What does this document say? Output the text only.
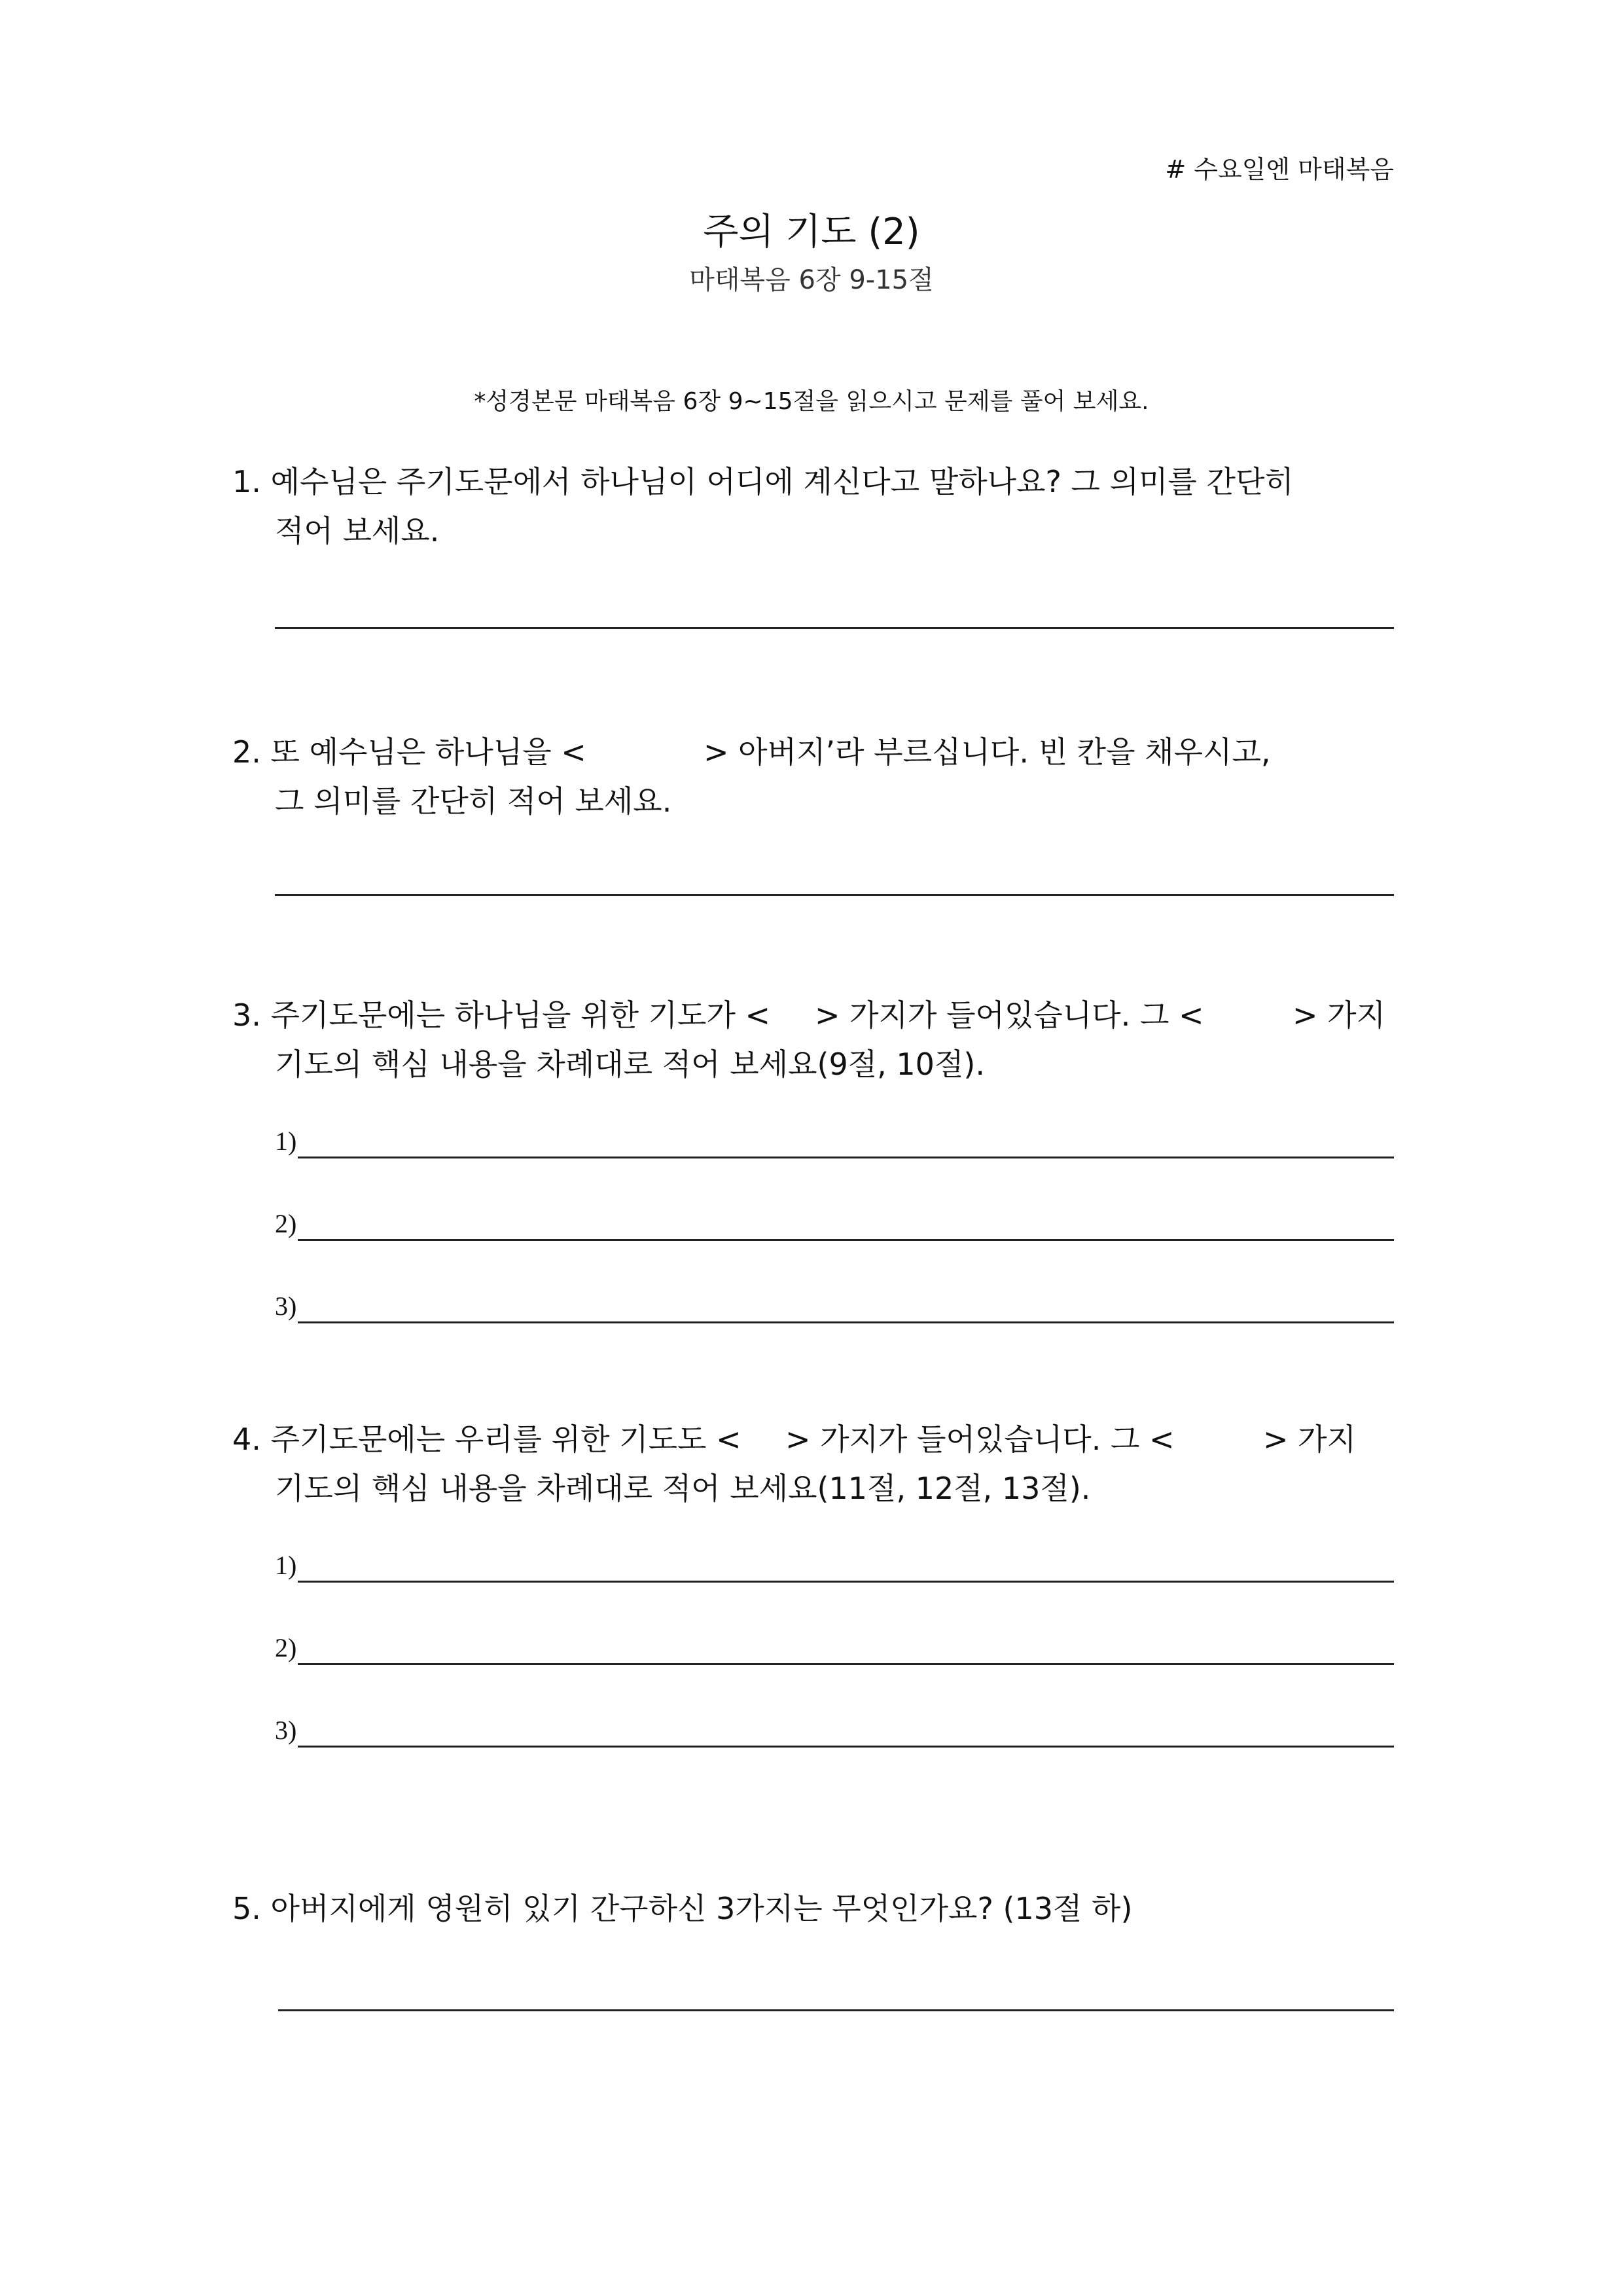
# 수요일엔 마태복음
주의 기도 (2)
마태복음 6장 9-15절
*성경본문 마태복음 6장 9~15절을 읽으시고 문제를 풀어 보세요.
1. 예수님은 주기도문에서 하나님이 어디에 계신다고 말하나요? 그 의미를 간단히
적어 보세요.
2. 또 예수님은 하나님을 <	> 아버지’라 부르십니다. 빈 칸을 채우시고,
그 의미를 간단히 적어 보세요.
3. 주기도문에는 하나님을 위한 기도가 < > 가지가 들어있습니다. 그 <	> 가지
기도의 핵심 내용을 차례대로 적어 보세요(9절, 10절).
1)
2)
3)
4. 주기도문에는 우리를 위한 기도도 < > 가지가 들어있습니다. 그 <	> 가지
기도의 핵심 내용을 차례대로 적어 보세요(11절, 12절, 13절).
1)
2)
3)
5. 아버지에게 영원히 있기 간구하신 3가지는 무엇인가요? (13절 하)
